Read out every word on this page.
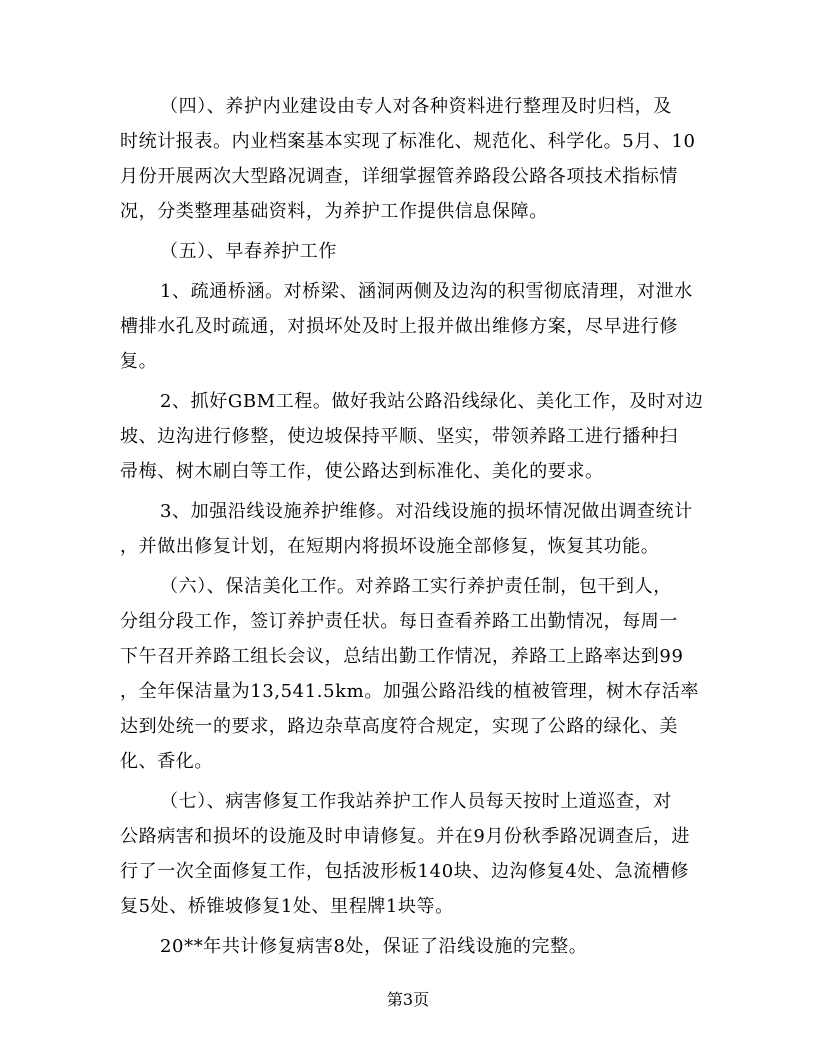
（四）、养护内业建设由专人对各种资料进行整理及时归档，及
时统计报表。内业档案基本实现了标准化、规范化、科学化。5月、10
月份开展两次大型路况调查，详细掌握管养路段公路各项技术指标情
况，分类整理基础资料，为养护工作提供信息保障。
（五）、早春养护工作
1、疏通桥涵。对桥梁、涵洞两侧及边沟的积雪彻底清理，对泄水
槽排水孔及时疏通，对损坏处及时上报并做出维修方案，尽早进行修
复。
2、抓好GBM工程。做好我站公路沿线绿化、美化工作，及时对边
坡、边沟进行修整，使边坡保持平顺、坚实，带领养路工进行播种扫
帚梅、树木刷白等工作，使公路达到标准化、美化的要求。
3、加强沿线设施养护维修。对沿线设施的损坏情况做出调查统计
，并做出修复计划，在短期内将损坏设施全部修复，恢复其功能。
（六）、保洁美化工作。对养路工实行养护责任制，包干到人，
分组分段工作，签订养护责任状。每日查看养路工出勤情况，每周一
下午召开养路工组长会议，总结出勤工作情况，养路工上路率达到99
，全年保洁量为13,541.5km。加强公路沿线的植被管理，树木存活率
达到处统一的要求，路边杂草高度符合规定，实现了公路的绿化、美
化、香化。
（七）、病害修复工作我站养护工作人员每天按时上道巡查，对
公路病害和损坏的设施及时申请修复。并在9月份秋季路况调查后，进
行了一次全面修复工作，包括波形板140块、边沟修复4处、急流槽修
复5处、桥锥坡修复1处、里程牌1块等。
20**年共计修复病害8处，保证了沿线设施的完整。
第3页
